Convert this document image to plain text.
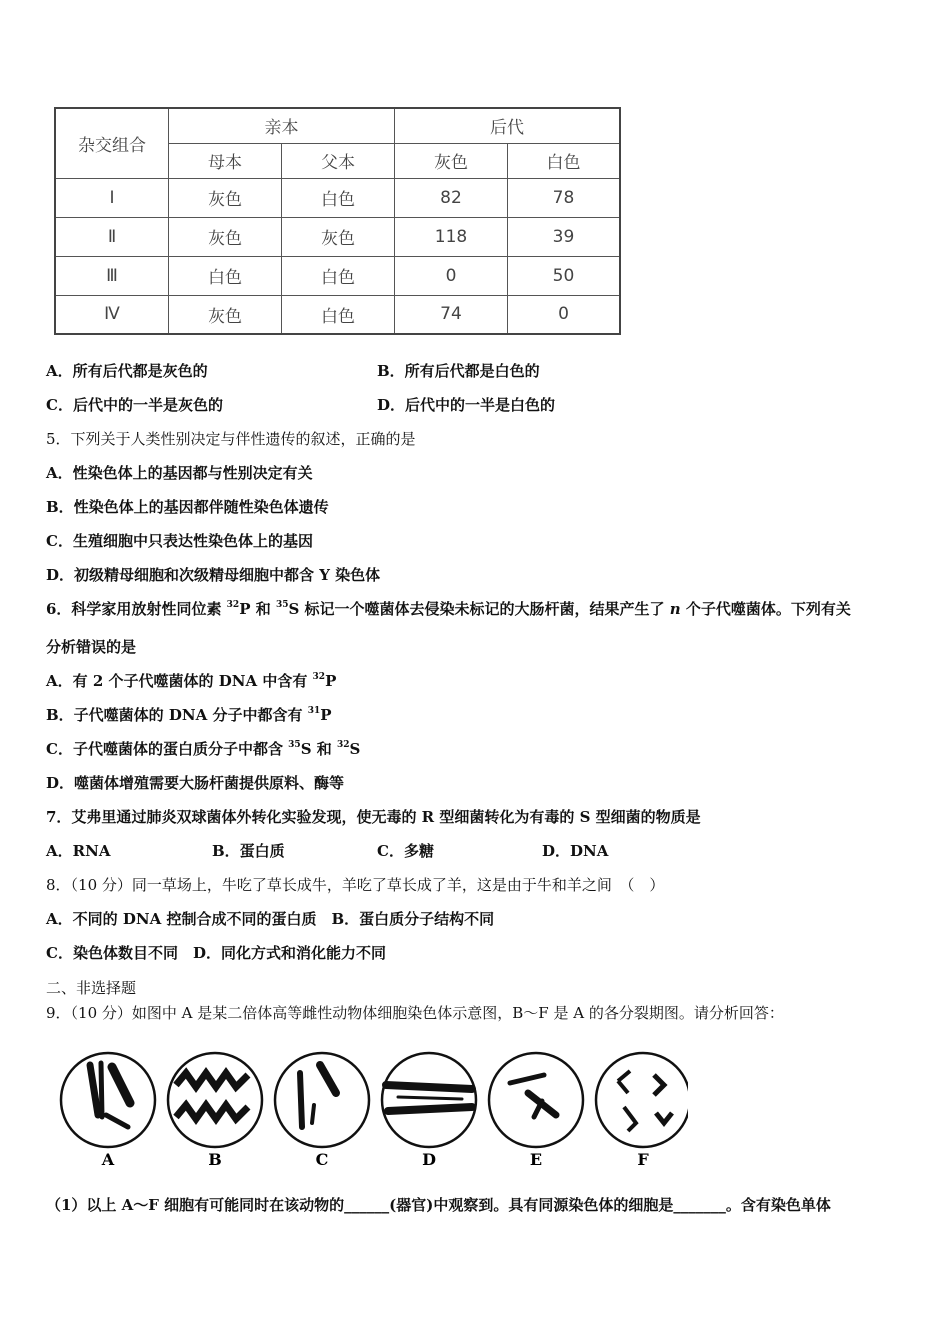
杂交组合	亲本		后代	
	母本	父本	灰色	白色
Ⅰ	灰色	白色	82	78
Ⅱ	灰色	灰色	118	39
Ⅲ	白色	白色	0	50
Ⅳ	灰色	白色	74	0
A．所有后代都是灰色的	B．所有后代都是白色的
C．后代中的一半是灰色的	D．后代中的一半是白色的
5．下列关于人类性别决定与伴性遗传的叙述，正确的是
A．性染色体上的基因都与性别决定有关
B．性染色体上的基因都伴随性染色体遗传
C．生殖细胞中只表达性染色体上的基因
D．初级精母细胞和次级精母细胞中都含 Y 染色体
6．科学家用放射性同位素 $^{32}$P 和 $^{35}$S 标记一个噬菌体去侵染未标记的大肠杆菌，结果产生了 n 个子代噬菌体。下列有关
分析错误的是
A．有 2 个子代噬菌体的 DNA 中含有 $^{32}$P
B．子代噬菌体的 DNA 分子中都含有 $^{31}$P
C．子代噬菌体的蛋白质分子中都含 $^{35}$S 和 $^{32}$S
D．噬菌体增殖需要大肠杆菌提供原料、酶等
7．艾弗里通过肺炎双球菌体外转化实验发现，使无毒的 R 型细菌转化为有毒的 S 型细菌的物质是
A．RNA	B．蛋白质	C．多糖	D．DNA
8．（10 分）同一草场上，牛吃了草长成牛，羊吃了草长成了羊，这是由于牛和羊之间　（　）
A．不同的 DNA 控制合成不同的蛋白质　B．蛋白质分子结构不同
C．染色体数目不同　D．同化方式和消化能力不同
二、非选择题
9．（10 分）如图中 A 是某二倍体高等雌性动物体细胞染色体示意图，B～F 是 A 的各分裂期图。请分析回答：
A	B	C	D	E	F
（1）以上 A～F 细胞有可能同时在该动物的______(器官)中观察到。具有同源染色体的细胞是_______。含有染色单体
